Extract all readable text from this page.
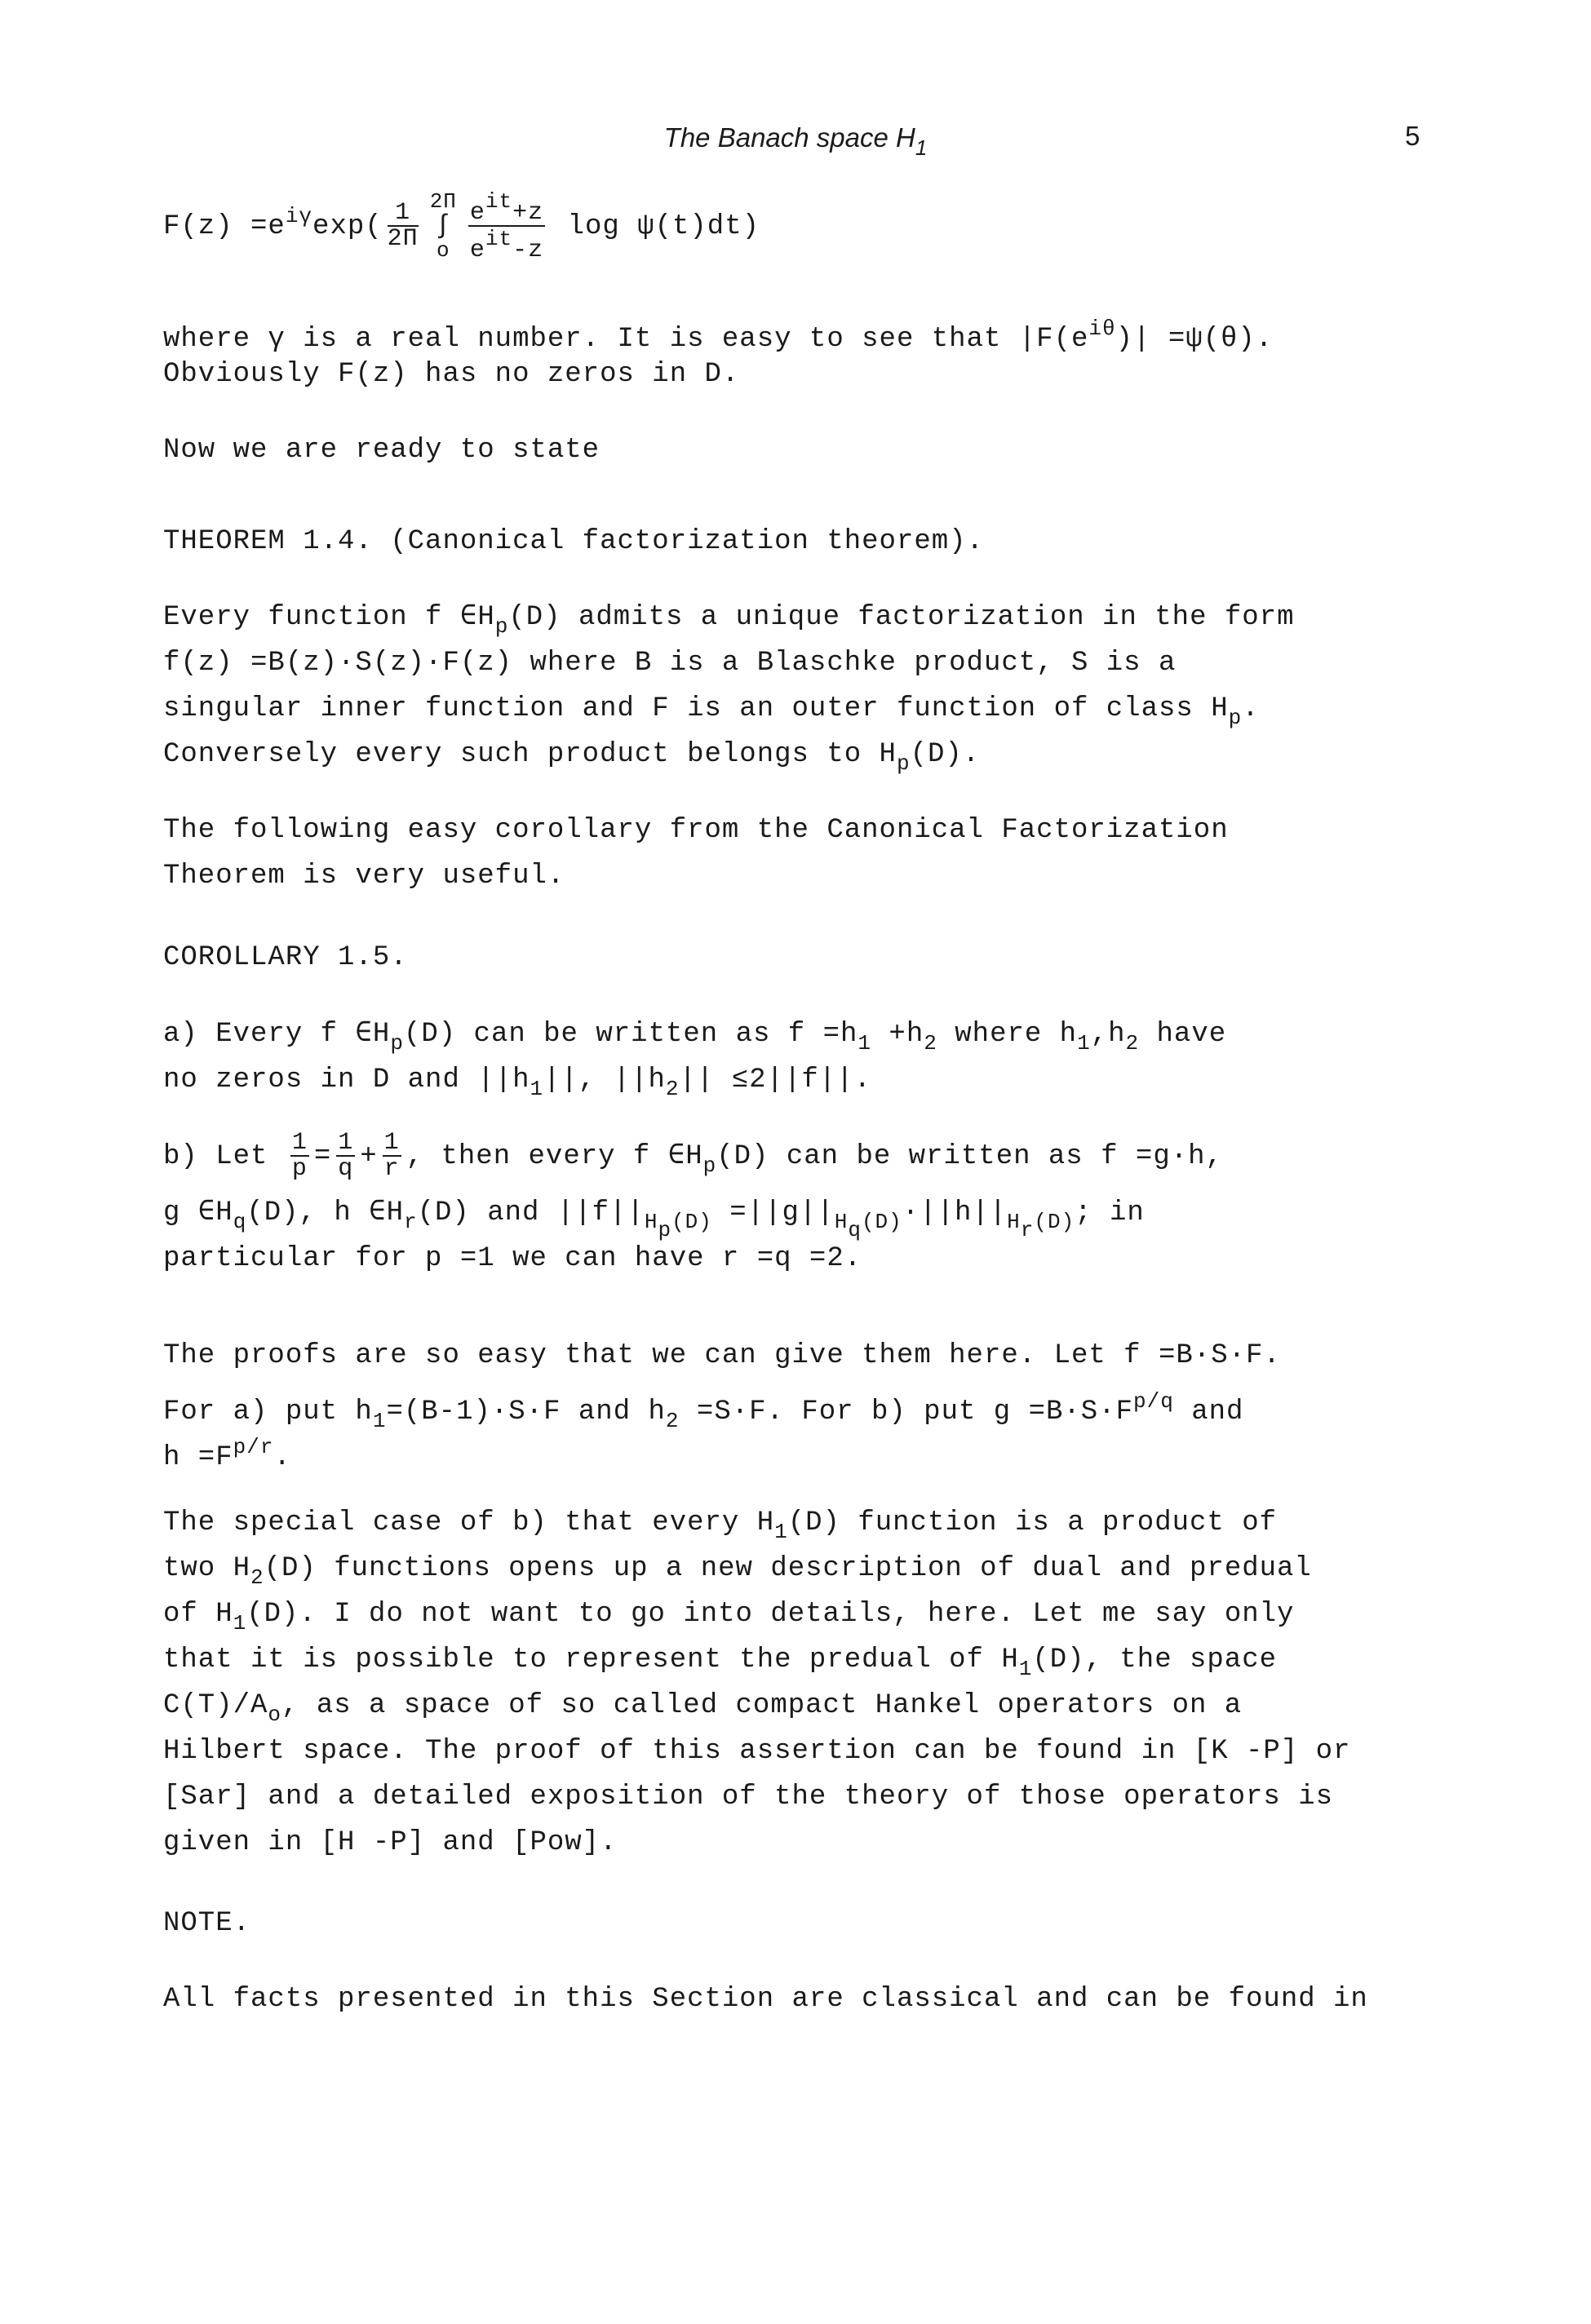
The Banach space $H_1$	5
$F(z) =e^{i\gamma}\exp( \frac{1}{2\Pi} 2\Pi$
∫
o $\frac{\text{eit+z}}{\text{eit-z}}$ log ψ(t)dt)
where γ is a real number. It is easy to see that $|F(e^{i\theta})| =\psi(\theta)$.
Obviously F(z) has no zeros in D.
Now we are ready to state
THEOREM 1.4. (Canonical factorization theorem).
Every function f $\in H_p(D)$ admits a unique factorization in the form
f(z) =B(z)·S(z)·F(z) where B is a Blaschke product, S is a
singular inner function and F is an outer function of class $H_p$.
Conversely every such product belongs to $H_p(D)$.
The following easy corollary from the Canonical Factorization
Theorem is very useful.
COROLLARY 1.5.
a) Every f $\in H_p(D)$ can be written as $f =h_1 +h_2$ where $h_1,h_2$ have
no zeros in D and $||h_1||$, $||h_2|| \le 2||f||$.
b) Let $\frac{1}{p} = \frac{1}{q} + \frac{1}{r}$ , then every f $\in H_p(D)$ can be written as f =g·h,
g $\in H_q(D)$, h $\in H_r(D)$ and $||f||_{Hp(D)} =||g||_{Hq(D)}\cdot||h||_{Hr(D)}$; in
particular for p =1 we can have r =q =2.
The proofs are so easy that we can give them here. Let f =B·S·F.
For a) put $h_1=(B-1)\cdot S\cdot F$ and $h_2 =S\cdot F$. For b) put $g =B\cdot S\cdot F^{p/q}$ and
$h =F^{p/r}$.
The special case of b) that every $H_1(D)$ function is a product of
two $H_2(D)$ functions opens up a new description of dual and predual
of $H_1(D)$. I do not want to go into details, here. Let me say only
that it is possible to represent the predual of $H_1(D)$, the space
$C(T)/A_o$, as a space of so called compact Hankel operators on a
Hilbert space. The proof of this assertion can be found in [K -P] or
[Sar] and a detailed exposition of the theory of those operators is
given in [H -P] and [Pow].
NOTE.
All facts presented in this Section are classical and can be found in
